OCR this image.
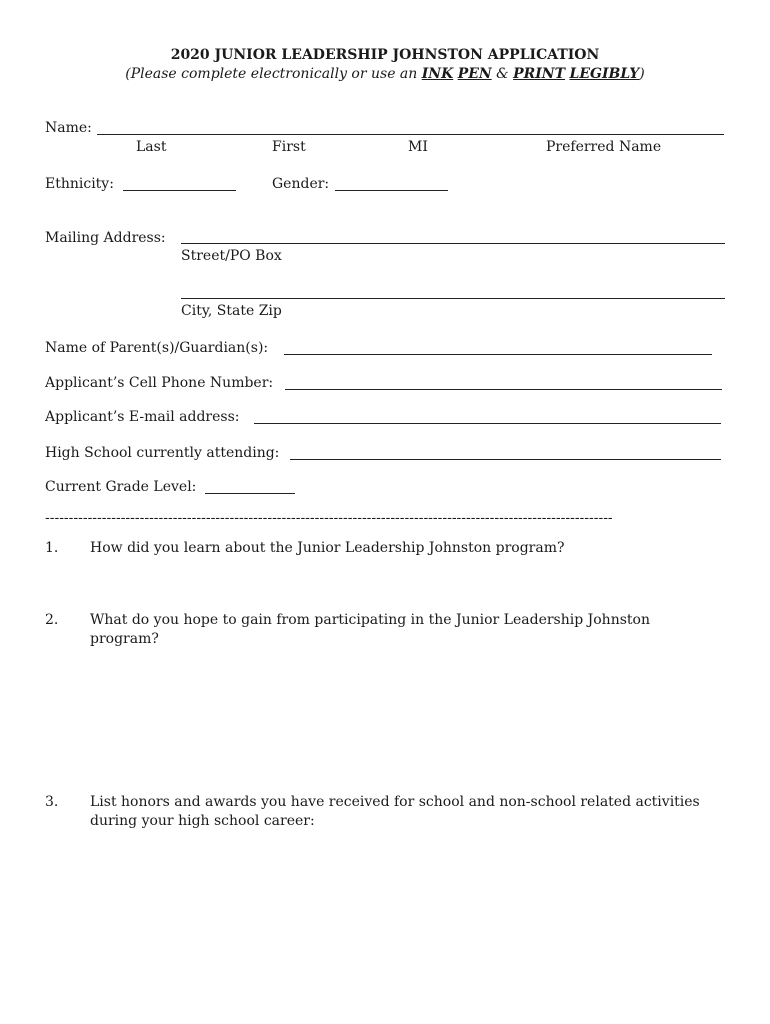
2020 JUNIOR LEADERSHIP JOHNSTON APPLICATION
(Please complete electronically or use an INK PEN & PRINT LEGIBLY)
Name:
Last	First	MI	Preferred Name
Ethnicity:	Gender:
Mailing Address:
Street/PO Box
City, State Zip
Name of Parent(s)/Guardian(s):
Applicant’s Cell Phone Number:
Applicant’s E-mail address:
High School currently attending:
Current Grade Level:
------------------------------------------------------------------------------------------------------------------------
1. How did you learn about the Junior Leadership Johnston program?
2. What do you hope to gain from participating in the Junior Leadership Johnston program?
3. List honors and awards you have received for school and non-school related activities during your high school career:
